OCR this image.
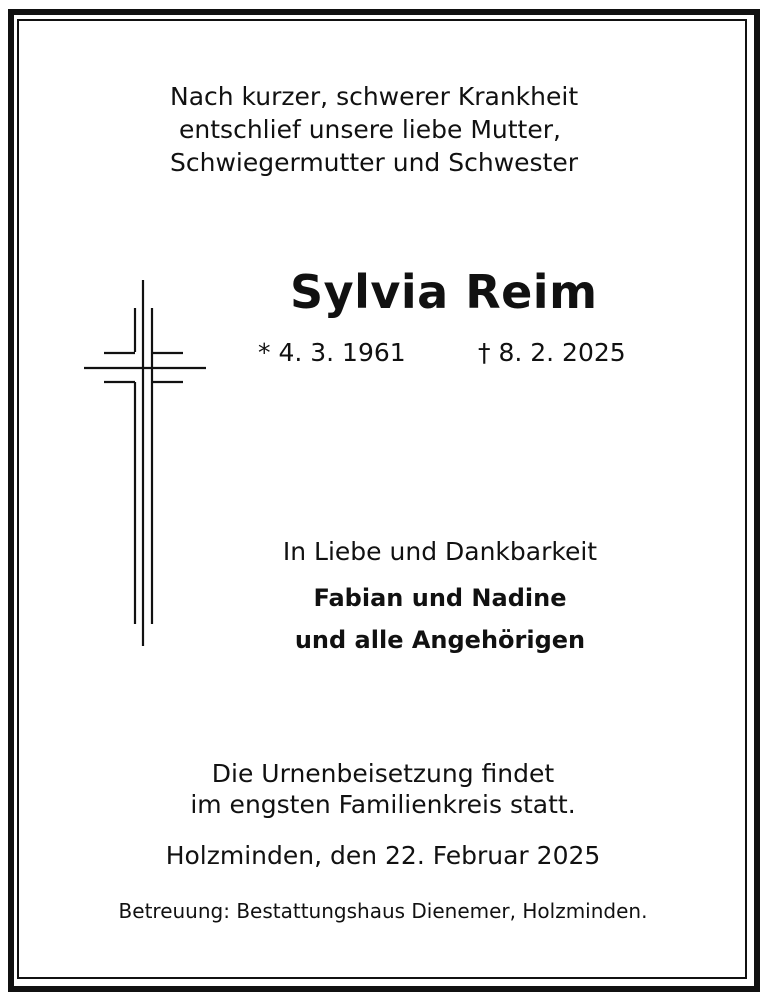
Nach kurzer, schwerer Krankheit
entschlief unsere liebe Mutter,
Schwiegermutter und Schwester
Sylvia Reim
* 4. 3. 1961	† 8. 2. 2025
In Liebe und Dankbarkeit
Fabian und Nadine
und alle Angehörigen
Die Urnenbeisetzung findet
im engsten Familienkreis statt.
Holzminden, den 22. Februar 2025
Betreuung: Bestattungshaus Dienemer, Holzminden.
